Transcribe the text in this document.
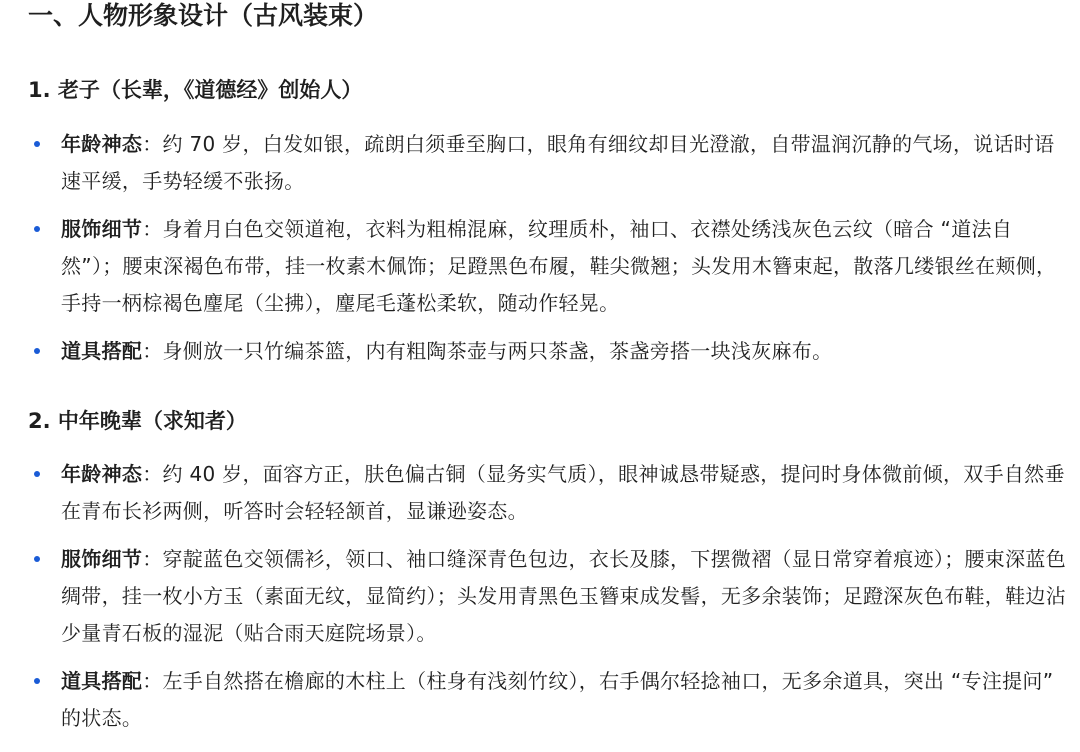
一、人物形象设计（古风装束）
1. 老子（长辈，《道德经》创始人）
年龄神态：约 70 岁，白发如银，疏朗白须垂至胸口，眼角有细纹却目光澄澈，自带温润沉静的气场，说话时语速平缓，手势轻缓不张扬。
服饰细节：身着月白色交领道袍，衣料为粗棉混麻，纹理质朴，袖口、衣襟处绣浅灰色云纹（暗合 “道法自然”）；腰束深褐色布带，挂一枚素木佩饰；足蹬黑色布履，鞋尖微翘；头发用木簪束起，散落几缕银丝在颊侧，手持一柄棕褐色麈尾（尘拂），麈尾毛蓬松柔软，随动作轻晃。
道具搭配：身侧放一只竹编茶篮，内有粗陶茶壶与两只茶盏，茶盏旁搭一块浅灰麻布。
2. 中年晚辈（求知者）
年龄神态：约 40 岁，面容方正，肤色偏古铜（显务实气质），眼神诚恳带疑惑，提问时身体微前倾，双手自然垂在青布长衫两侧，听答时会轻轻颔首，显谦逊姿态。
服饰细节：穿靛蓝色交领儒衫，领口、袖口缝深青色包边，衣长及膝，下摆微褶（显日常穿着痕迹）；腰束深蓝色绸带，挂一枚小方玉（素面无纹，显简约）；头发用青黑色玉簪束成发髻，无多余装饰；足蹬深灰色布鞋，鞋边沾少量青石板的湿泥（贴合雨天庭院场景）。
道具搭配：左手自然搭在檐廊的木柱上（柱身有浅刻竹纹），右手偶尔轻捻袖口，无多余道具，突出 “专注提问” 的状态。
